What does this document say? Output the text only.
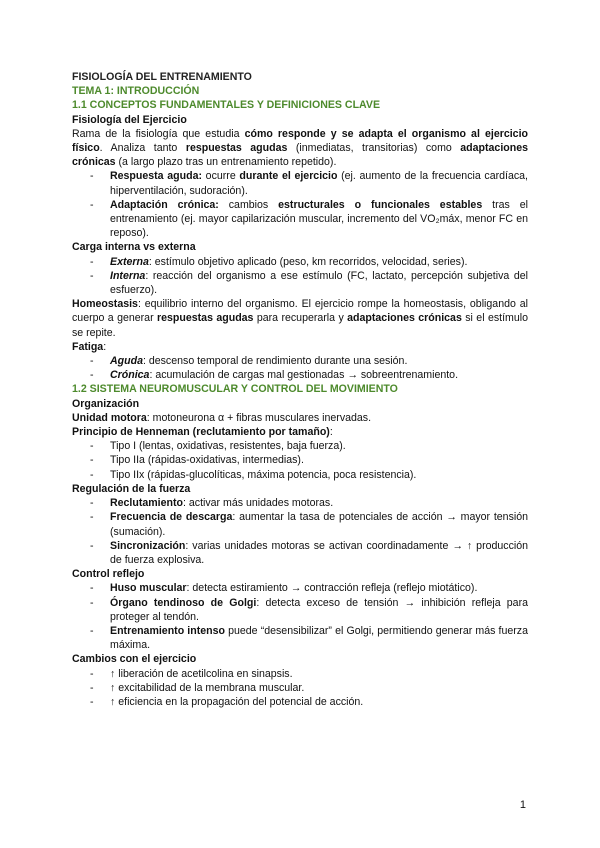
FISIOLOGÍA DEL ENTRENAMIENTO
TEMA 1: INTRODUCCIÓN
1.1 CONCEPTOS FUNDAMENTALES Y DEFINICIONES CLAVE
Fisiología del Ejercicio
Rama de la fisiología que estudia cómo responde y se adapta el organismo al ejercicio físico. Analiza tanto respuestas agudas (inmediatas, transitorias) como adaptaciones crónicas (a largo plazo tras un entrenamiento repetido).
- Respuesta aguda: ocurre durante el ejercicio (ej. aumento de la frecuencia cardíaca, hiperventilación, sudoración).
- Adaptación crónica: cambios estructurales o funcionales estables tras el entrenamiento (ej. mayor capilarización muscular, incremento del VO₂máx, menor FC en reposo).
Carga interna vs externa
- Externa: estímulo objetivo aplicado (peso, km recorridos, velocidad, series).
- Interna: reacción del organismo a ese estímulo (FC, lactato, percepción subjetiva del esfuerzo).
Homeostasis: equilibrio interno del organismo. El ejercicio rompe la homeostasis, obligando al cuerpo a generar respuestas agudas para recuperarla y adaptaciones crónicas si el estímulo se repite.
Fatiga:
- Aguda: descenso temporal de rendimiento durante una sesión.
- Crónica: acumulación de cargas mal gestionadas → sobreentrenamiento.
1.2 SISTEMA NEUROMUSCULAR Y CONTROL DEL MOVIMIENTO
Organización
Unidad motora: motoneurona α + fibras musculares inervadas.
Principio de Henneman (reclutamiento por tamaño):
- Tipo I (lentas, oxidativas, resistentes, baja fuerza).
- Tipo IIa (rápidas-oxidativas, intermedias).
- Tipo IIx (rápidas-glucolíticas, máxima potencia, poca resistencia).
Regulación de la fuerza
- Reclutamiento: activar más unidades motoras.
- Frecuencia de descarga: aumentar la tasa de potenciales de acción → mayor tensión (sumación).
- Sincronización: varias unidades motoras se activan coordinadamente → ↑ producción de fuerza explosiva.
Control reflejo
- Huso muscular: detecta estiramiento → contracción refleja (reflejo miotático).
- Órgano tendinoso de Golgi: detecta exceso de tensión → inhibición refleja para proteger al tendón.
- Entrenamiento intenso puede “desensibilizar” el Golgi, permitiendo generar más fuerza máxima.
Cambios con el ejercicio
- ↑ liberación de acetilcolina en sinapsis.
- ↑ excitabilidad de la membrana muscular.
- ↑ eficiencia en la propagación del potencial de acción.
1
